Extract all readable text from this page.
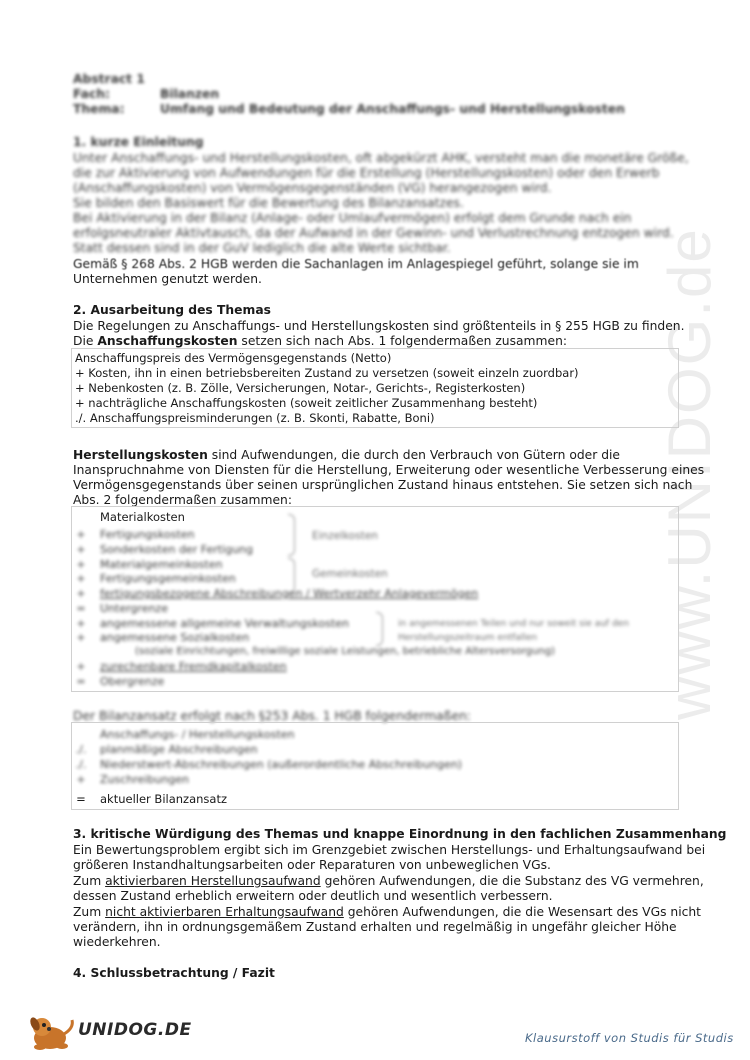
www.UNIDOG.de
Abstract 1
Fach:	Bilanzen
Thema:	Umfang und Bedeutung der Anschaffungs- und Herstellungskosten
1. kurze Einleitung
Unter Anschaffungs- und Herstellungskosten, oft abgekürzt AHK, versteht man die monetäre Größe,
die zur Aktivierung von Aufwendungen für die Erstellung (Herstellungskosten) oder den Erwerb
(Anschaffungskosten) von Vermögensgegenständen (VG) herangezogen wird.
Sie bilden den Basiswert für die Bewertung des Bilanzansatzes.
Bei Aktivierung in der Bilanz (Anlage- oder Umlaufvermögen) erfolgt dem Grunde nach ein
erfolgsneutraler Aktivtausch, da der Aufwand in der Gewinn- und Verlustrechnung entzogen wird.
Statt dessen sind in der GuV lediglich die alte Werte sichtbar.
Gemäß § 268 Abs. 2 HGB werden die Sachanlagen im Anlagespiegel geführt, solange sie im
Unternehmen genutzt werden.
2. Ausarbeitung des Themas
Die Regelungen zu Anschaffungs- und Herstellungskosten sind größtenteils in § 255 HGB zu finden.
Die Anschaffungskosten setzen sich nach Abs. 1 folgendermaßen zusammen:
Anschaffungspreis des Vermögensgegenstands (Netto)
+ Kosten, ihn in einen betriebsbereiten Zustand zu versetzen (soweit einzeln zuordbar)
+ Nebenkosten (z. B. Zölle, Versicherungen, Notar-, Gerichts-, Registerkosten)
+ nachträgliche Anschaffungskosten (soweit zeitlicher Zusammenhang besteht)
./. Anschaffungspreisminderungen (z. B. Skonti, Rabatte, Boni)
Herstellungskosten sind Aufwendungen, die durch den Verbrauch von Gütern oder die
Inanspruchnahme von Diensten für die Herstellung, Erweiterung oder wesentliche Verbesserung eines
Vermögensgegenstands über seinen ursprünglichen Zustand hinaus entstehen. Sie setzen sich nach
Abs. 2 folgendermaßen zusammen:
Materialkosten
+ Fertigungskosten
+ Sonderkosten der Fertigung
+ Materialgemeinkosten
+ Fertigungsgemeinkosten
+ fertigungsbezogene Abschreibungen / Wertverzehr Anlagevermögen
= Untergrenze
+ angemessene allgemeine Verwaltungskosten
+ angemessene Sozialkosten
(soziale Einrichtungen, freiwillige soziale Leistungen, betriebliche Altersversorgung)
+ zurechenbare Fremdkapitalkosten
= Obergrenze
Einzelkosten
Gemeinkosten
in angemessenen Teilen und nur soweit sie auf den
Herstellungszeitraum entfallen
Der Bilanzansatz erfolgt nach §253 Abs. 1 HGB folgendermaßen:
Anschaffungs- / Herstellungskosten
./. planmäßige Abschreibungen
./. Niederstwert-Abschreibungen (außerordentliche Abschreibungen)
+ Zuschreibungen
= aktueller Bilanzansatz
3. kritische Würdigung des Themas und knappe Einordnung in den fachlichen Zusammenhang
Ein Bewertungsproblem ergibt sich im Grenzgebiet zwischen Herstellungs- und Erhaltungsaufwand bei
größeren Instandhaltungsarbeiten oder Reparaturen von unbeweglichen VGs.
Zum aktivierbaren Herstellungsaufwand gehören Aufwendungen, die die Substanz des VG vermehren,
dessen Zustand erheblich erweitern oder deutlich und wesentlich verbessern.
Zum nicht aktivierbaren Erhaltungsaufwand gehören Aufwendungen, die die Wesensart des VGs nicht
verändern, ihn in ordnungsgemäßem Zustand erhalten und regelmäßig in ungefähr gleicher Höhe
wiederkehren.
4. Schlussbetrachtung / Fazit
UNIDOG.DE	Klausurstoff von Studis für Studis
